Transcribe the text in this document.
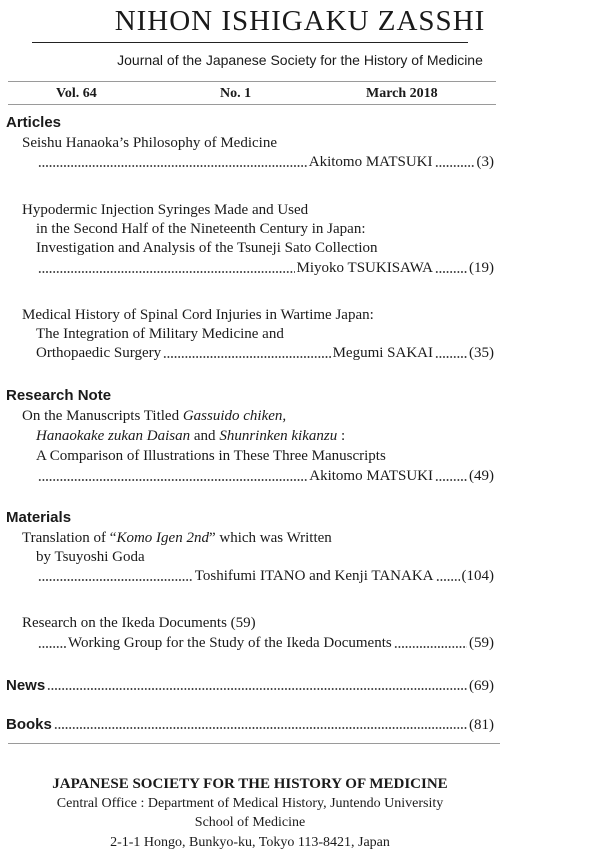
NIHON ISHIGAKU ZASSHI
Journal of the Japanese Society for the History of Medicine
Vol. 64	No. 1	March 2018
Articles
Seishu Hanaoka’s Philosophy of Medicine
Akitomo MATSUKI	(3)
Hypodermic Injection Syringes Made and Used
in the Second Half of the Nineteenth Century in Japan:
Investigation and Analysis of the Tsuneji Sato Collection
Miyoko TSUKISAWA (19)
Medical History of Spinal Cord Injuries in Wartime Japan:
The Integration of Military Medicine and
Orthopaedic Surgery	Megumi SAKAI (35)
Research Note
On the Manuscripts Titled Gassuido chiken,
Hanaokake zukan Daisan and Shunrinken kikanzu :
A Comparison of Illustrations in These Three Manuscripts
Akitomo MATSUKI (49)
Materials
Translation of “Komo Igen 2nd” which was Written
by Tsuyoshi Goda
Toshifumi ITANO and Kenji TANAKA (104)
Research on the Ikeda Documents (59)
Working Group for the Study of the Ikeda Documents	(59)
News	(69)
Books	(81)
JAPANESE SOCIETY FOR THE HISTORY OF MEDICINE
Central Office : Department of Medical History, Juntendo University
School of Medicine
2-1-1 Hongo, Bunkyo-ku, Tokyo 113-8421, Japan
